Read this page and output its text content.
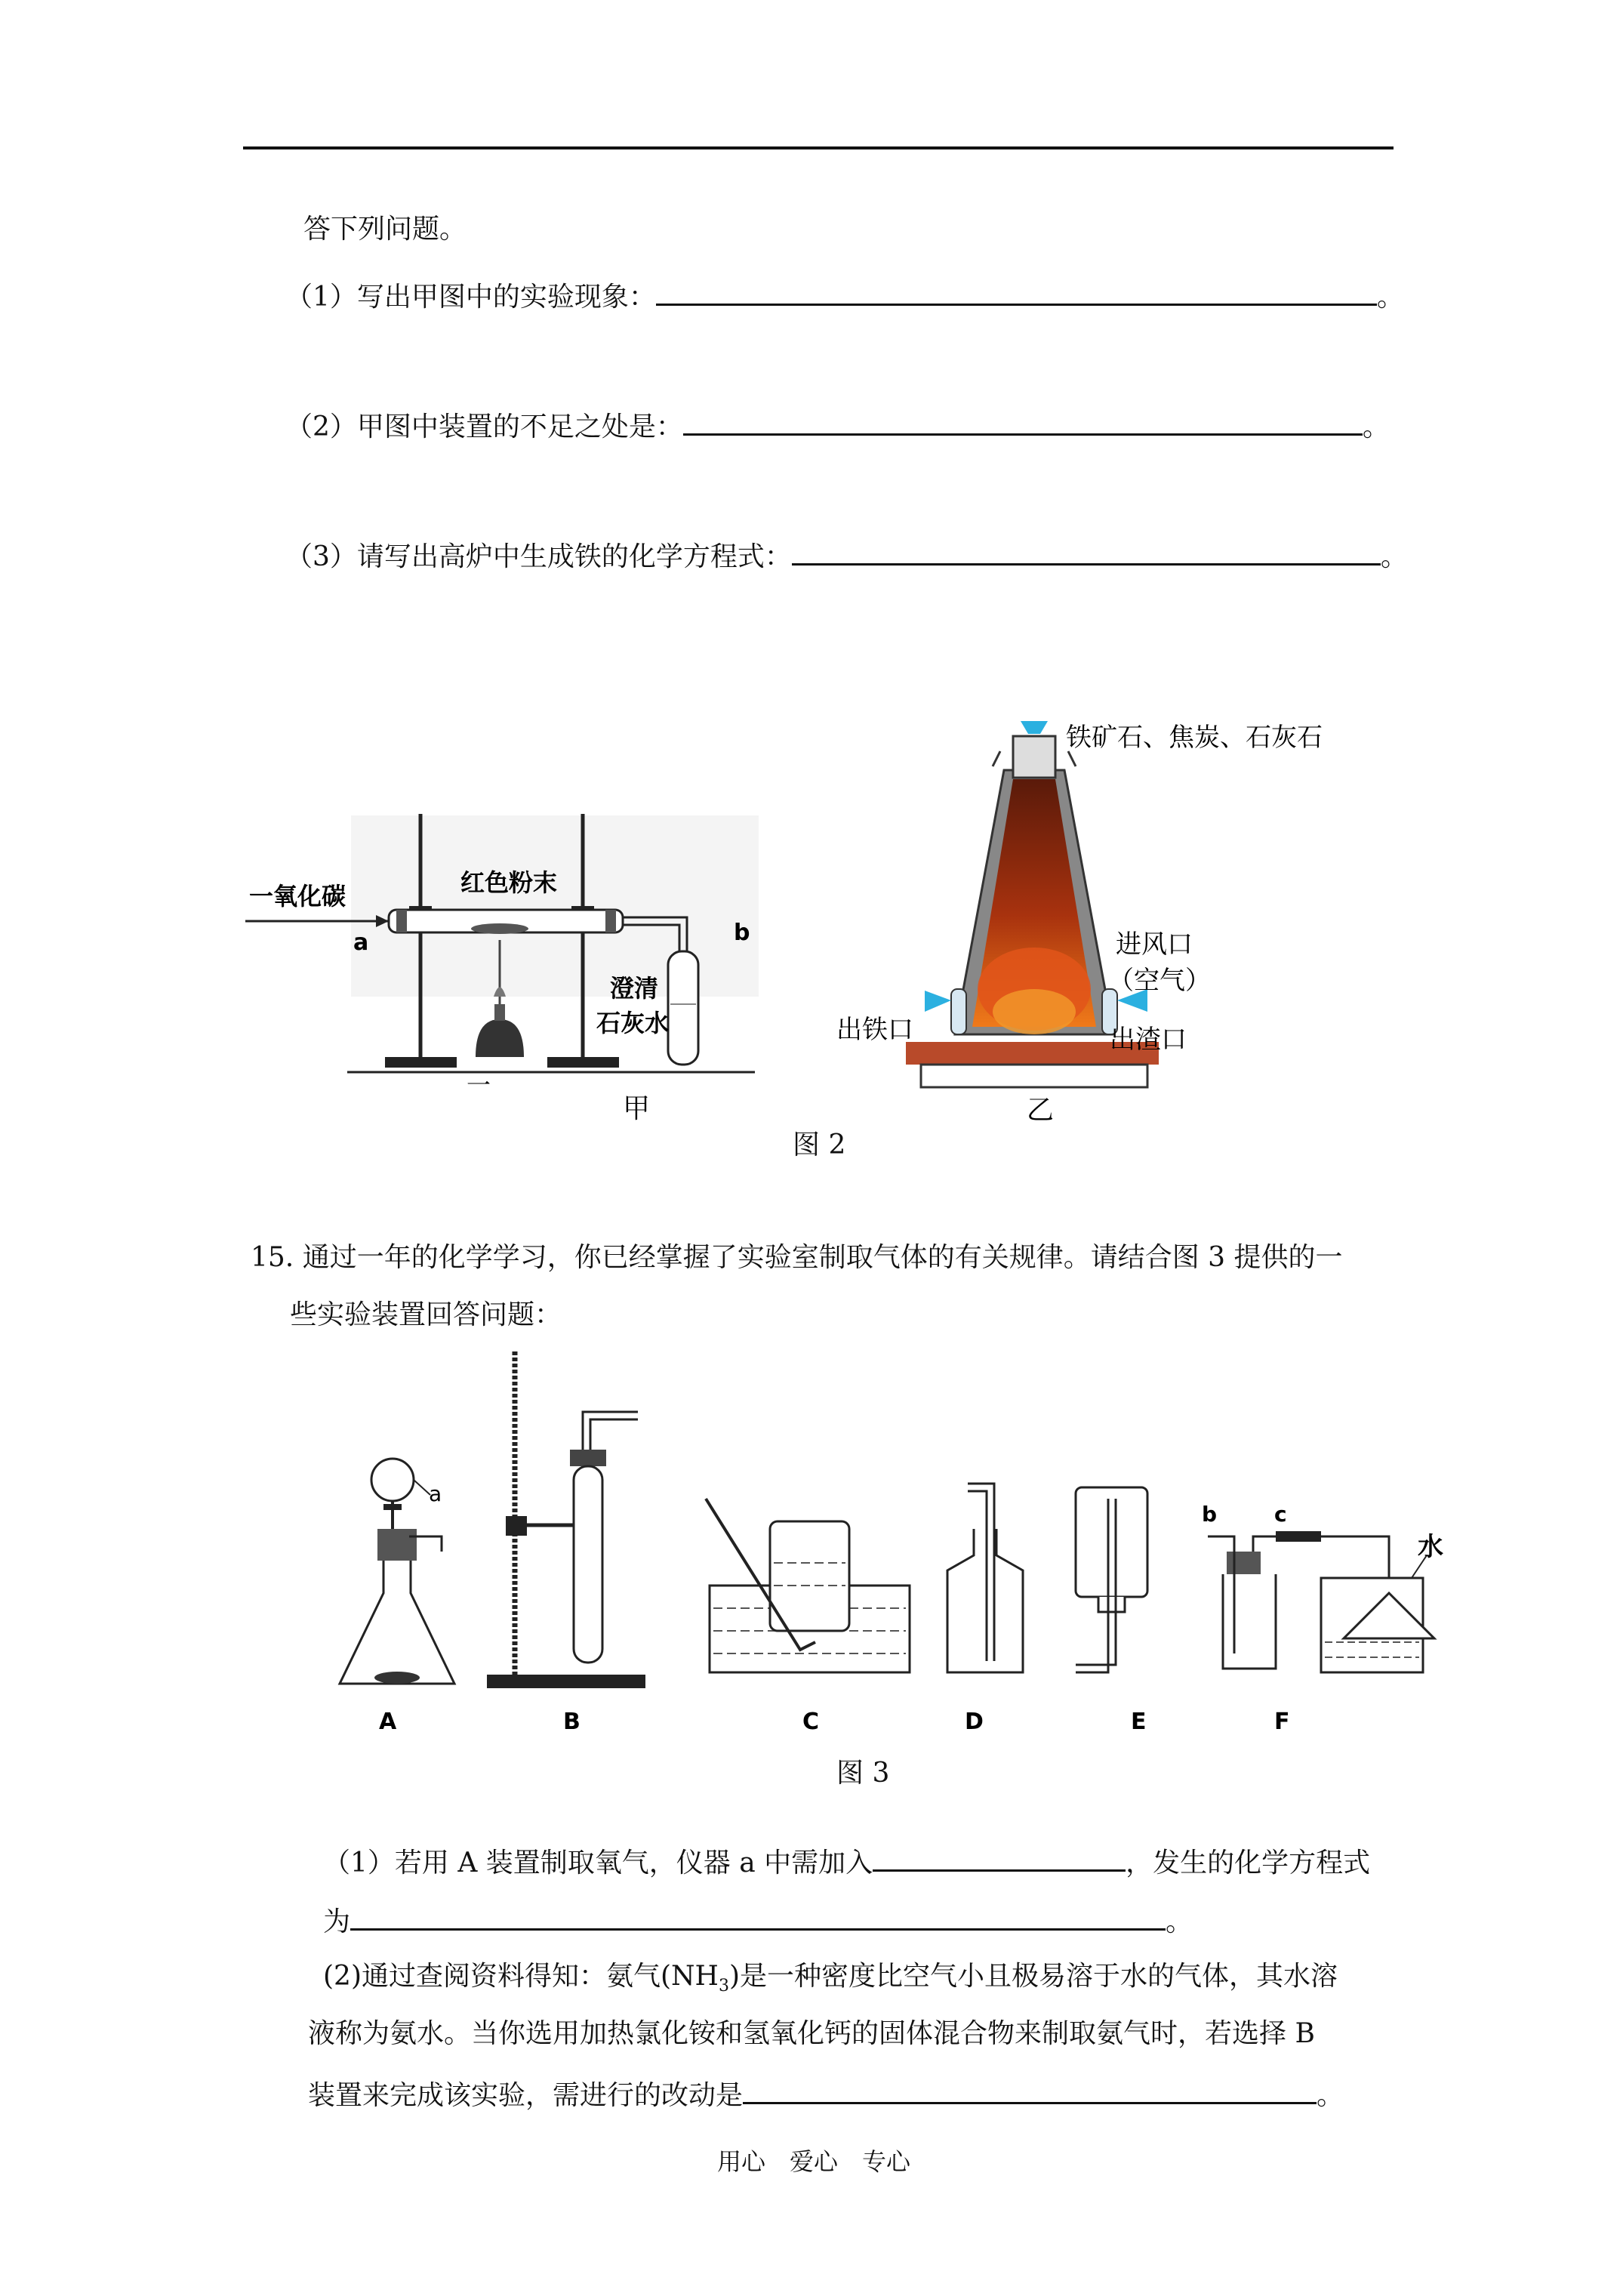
答下列问题。
（1）写出甲图中的实验现象：	。
（2）甲图中装置的不足之处是：	。
（3）请写出高炉中生成铁的化学方程式：	。
一氧化碳
a
红色粉末
b
澄清
石灰水
一
甲
铁矿石、焦炭、石灰石
进风口
（空气）
出铁口	出渣口
乙
图 2
15. 通过一年的化学学习，你已经掌握了实验室制取气体的有关规律。请结合图 3 提供的一
些实验装置回答问题：
a
b	c
水
A	B	C	D	E	F
图 3
（1）若用 A 装置制取氧气，仪器 a 中需加入	，发生的化学方程式
为	。
(2)通过查阅资料得知：氨气$(NH_3)$是一种密度比空气小且极易溶于水的气体，其水溶
液称为氨水。当你选用加热氯化铵和氢氧化钙的固体混合物来制取氨气时，若选择 B
装置来完成该实验，需进行的改动是	。
用心　爱心　专心
